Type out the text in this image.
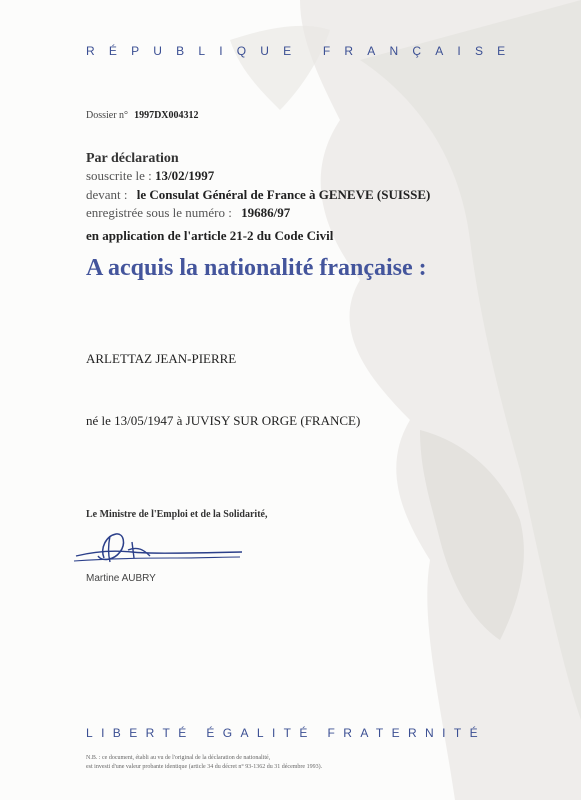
RÉPUBLIQUE FRANÇAISE
Dossier n° 1997DX004312
Par déclaration
souscrite le : 13/02/1997
devant : le Consulat Général de France à GENEVE (SUISSE)
enregistrée sous le numéro : 19686/97
en application de l'article 21-2 du Code Civil
A acquis la nationalité française :
ARLETTAZ JEAN-PIERRE
né le 13/05/1947 à JUVISY SUR ORGE (FRANCE)
Le Ministre de l'Emploi et de la Solidarité,
Martine AUBRY
LIBERTÉ ÉGALITÉ FRATERNITÉ
N.B. : ce document, établi au vu de l'original de la déclaration de nationalité,
est investi d'une valeur probante identique (article 34 du décret n° 93-1362 du 31 décembre 1993).
